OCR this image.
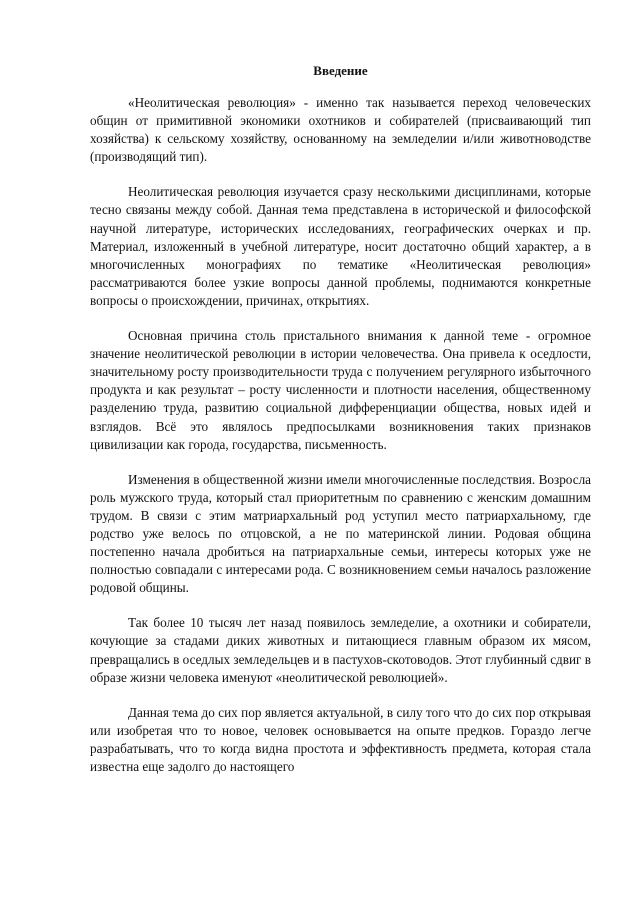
Введение

«Неолитическая революция» - именно так называется переход человеческих общин от примитивной экономики охотников и собирателей (присваивающий тип хозяйства) к сельскому хозяйству, основанному на земледелии и/или животноводстве (производящий тип).

Неолитическая революция изучается сразу несколькими дисциплинами, которые тесно связаны между собой. Данная тема представлена в исторической и философской научной литературе, исторических исследованиях, географических очерках и пр. Материал, изложенный в учебной литературе, носит достаточно общий характер, а в многочисленных монографиях по тематике «Неолитическая революция» рассматриваются более узкие вопросы данной проблемы, поднимаются конкретные вопросы о происхождении, причинах, открытиях.

Основная причина столь пристального внимания к данной теме - огромное значение неолитической революции в истории человечества. Она привела к оседлости, значительному росту производительности труда с получением регулярного избыточного продукта и как результат – росту численности и плотности населения, общественному разделению труда, развитию социальной дифференциации общества, новых идей и взглядов. Всё это являлось предпосылками возникновения таких признаков цивилизации как города, государства, письменность.

Изменения в общественной жизни имели многочисленные последствия. Возросла роль мужского труда, который стал приоритетным по сравнению с женским домашним трудом. В связи с этим матриархальный род уступил место патриархальному, где родство уже велось по отцовской, а не по материнской линии. Родовая община постепенно начала дробиться на патриархальные семьи, интересы которых уже не полностью совпадали с интересами рода. С возникновением семьи началось разложение родовой общины.

Так более 10 тысяч лет назад появилось земледелие, а охотники и собиратели, кочующие за стадами диких животных и питающиеся главным образом их мясом, превращались в оседлых земледельцев и в пастухов-скотоводов. Этот глубинный сдвиг в образе жизни человека именуют «неолитической революцией».

Данная тема до сих пор является актуальной, в силу того что до сих пор открывая или изобретая что то новое, человек основывается на опыте предков. Гораздо легче разрабатывать, что то когда видна простота и эффективность предмета, которая стала известна еще задолго до настоящего
